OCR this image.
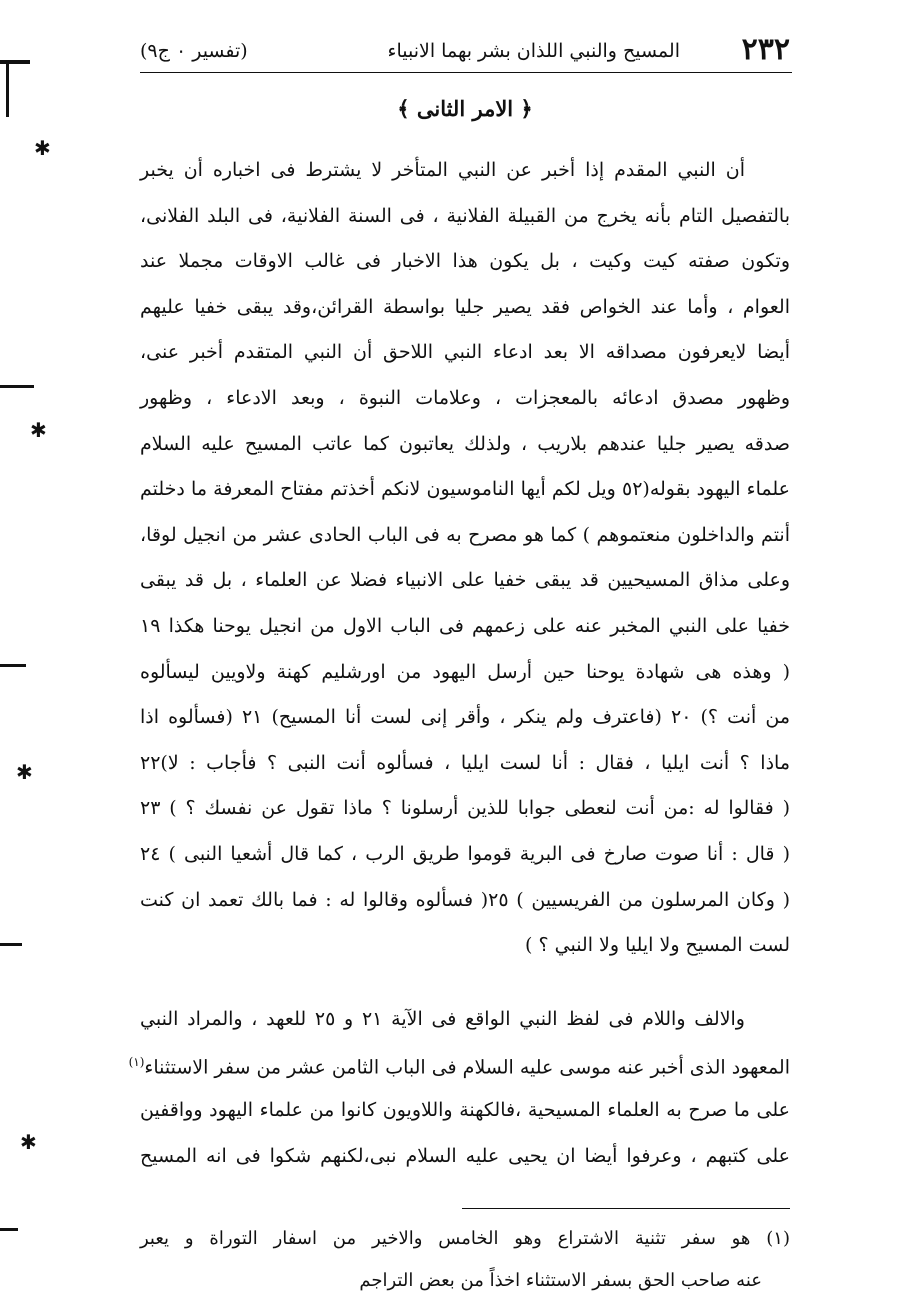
✱
✱
✱
✱
٢٣٢
المسيح والنبي اللذان بشر بهما الانبياء
(تفسير ٠ ج٩)
﴿ الامر الثانى ﴾
أن النبي المقدم إذا أخبر عن النبي المتأخر لا يشترط فى اخباره أن يخبر
بالتفصيل التام بأنه يخرج من القبيلة الفلانية ، فى السنة الفلانية، فى البلد الفلانى،
وتكون صفته كيت وكيت ، بل يكون هذا الاخبار فى غالب الاوقات مجملا عند
العوام ، وأما عند الخواص فقد يصير جليا بواسطة القرائن،وقد يبقى خفيا عليهم
أيضا لايعرفون مصداقه الا بعد ادعاء النبي اللاحق أن النبي المتقدم أخبر عنى،
وظهور مصدق ادعائه بالمعجزات ، وعلامات النبوة ، وبعد الادعاء ، وظهور
صدقه يصير جليا عندهم بلاريب ، ولذلك يعاتبون كما عاتب المسيح عليه السلام
علماء اليهود بقوله(٥٢ ويل لكم أيها الناموسيون لانكم أخذتم مفتاح المعرفة ما دخلتم
أنتم والداخلون منعتموهم ) كما هو مصرح به فى الباب الحادى عشر من انجيل لوقا،
وعلى مذاق المسيحيين قد يبقى خفيا على الانبياء فضلا عن العلماء ، بل قد يبقى
خفيا على النبي المخبر عنه على زعمهم فى الباب الاول من انجيل يوحنا هكذا ١٩
( وهذه هى شهادة يوحنا حين أرسل اليهود من اورشليم كهنة ولاويين ليسألوه
من أنت ؟) ٢٠ (فاعترف ولم ينكر ، وأقر إنى لست أنا المسيح) ٢١ (فسألوه اذا
ماذا ؟ أنت ايليا ، فقال : أنا لست ايليا ، فسألوه أنت النبى ؟ فأجاب : لا)٢٢
( فقالوا له :من أنت لنعطى جوابا للذين أرسلونا ؟ ماذا تقول عن نفسك ؟ ) ٢٣
( قال : أنا صوت صارخ فى البرية قوموا طريق الرب ، كما قال أشعيا النبى ) ٢٤
( وكان المرسلون من الفريسيين ) ٢٥( فسألوه وقالوا له : فما بالك تعمد ان كنت
لست المسيح ولا ايليا ولا النبي ؟ )
والالف واللام فى لفظ النبي الواقع فى الآية ٢١ و ٢٥ للعهد ، والمراد النبي
المعهود الذى أخبر عنه موسى عليه السلام فى الباب الثامن عشر من سفر الاستثناء$^{(١)}$
على ما صرح به العلماء المسيحية ،فالكهنة واللاويون كانوا من علماء اليهود وواقفين
على كتبهم ، وعرفوا أيضا ان يحيى عليه السلام نبى،لكنهم شكوا فى انه المسيح
(١) هو سفر تثنية الاشتراع وهو الخامس والاخير من اسفار التوراة و يعبر
عنه صاحب الحق بسفر الاستثناء اخذاً من بعض التراجم
